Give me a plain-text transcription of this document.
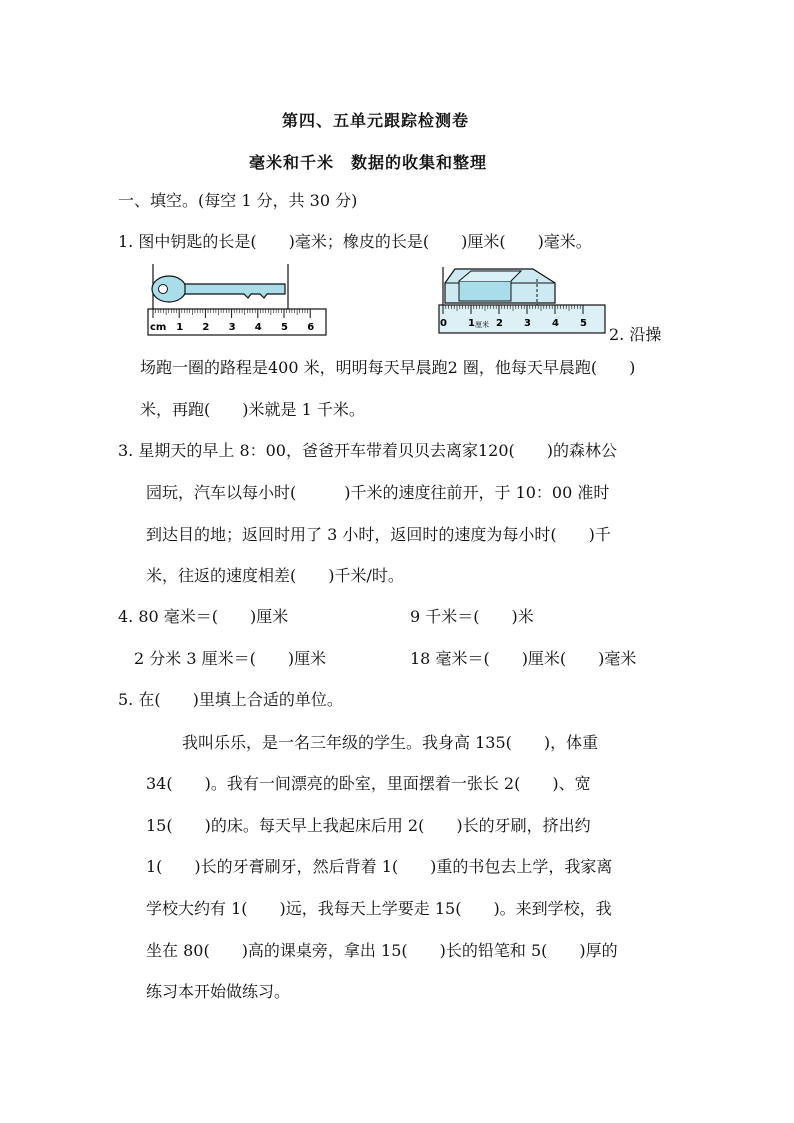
第四、五单元跟踪检测卷
毫米和千米　数据的收集和整理
一、填空。(每空 1 分，共 30 分)
1. 图中钥匙的长是(　　)毫米；橡皮的长是(　　)厘米(　　)毫米。
cm 1 2 3 4 5 6	0 1 2 3 4 5
厘米	2. 沿操
场跑一圈的路程是400 米，明明每天早晨跑2 圈，他每天早晨跑(　　)
米，再跑(　　)米就是 1 千米。
3. 星期天的早上 8：00，爸爸开车带着贝贝去离家120(　　)的森林公
园玩，汽车以每小时(　　　)千米的速度往前开，于 10：00 准时
到达目的地；返回时用了 3 小时，返回时的速度为每小时(　　)千
米，往返的速度相差(　　)千米/时。
4. 80 毫米＝(　　)厘米	9 千米＝(　　)米
2 分米 3 厘米＝(　　)厘米	18 毫米＝(　　)厘米(　　)毫米
5. 在(　　)里填上合适的单位。
我叫乐乐，是一名三年级的学生。我身高 135(　　)，体重
34(　　)。我有一间漂亮的卧室，里面摆着一张长 2(　　)、宽
15(　　)的床。每天早上我起床后用 2(　　)长的牙刷，挤出约
1(　　)长的牙膏刷牙，然后背着 1(　　)重的书包去上学，我家离
学校大约有 1(　　)远，我每天上学要走 15(　　)。来到学校，我
坐在 80(　　)高的课桌旁，拿出 15(　　)长的铅笔和 5(　　)厚的
练习本开始做练习。
